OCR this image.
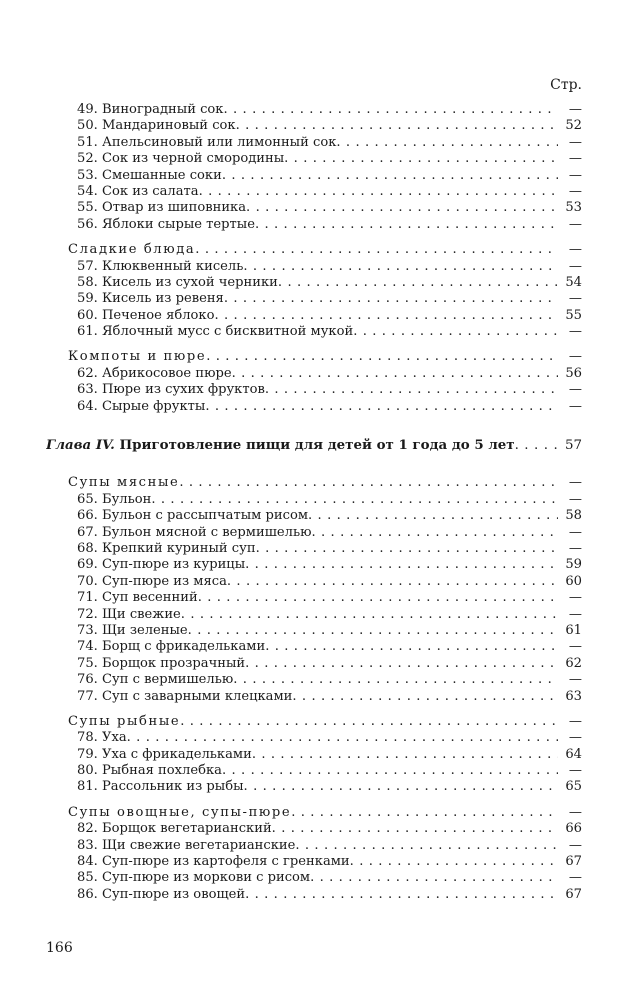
Стр.
49. Виноградный сок . . .	—
50. Мандариновый сок . . .	52
51. Апельсиновый или лимонный сок . . .	—
52. Сок из черной смородины . . .	—
53. Смешанные соки . . .	—
54. Сок из салата . . .	—
55. Отвар из шиповника . . .	53
56. Яблоки сырые тертые . . .	—
Сладкие блюда . . .	—
57. Клюквенный кисель . . .	—
58. Кисель из сухой черники . . .	54
59. Кисель из ревеня . . .	—
60. Печеное яблоко . . .	55
61. Яблочный мусс с бисквитной мукой . . .	—
Компоты и пюре . . .	—
62. Абрикосовое пюре . . .	56
63. Пюре из сухих фруктов . . .	—
64. Сырые фрукты . . .	—
Глава IV. Приготовление пищи для детей от 1 года до 5 лет . . .	57
Супы мясные . . .	—
65. Бульон . . .	—
66. Бульон с рассыпчатым рисом . . .	58
67. Бульон мясной с вермишелью . . .	—
68. Крепкий куриный суп . . .	—
69. Суп-пюре из курицы . . .	59
70. Суп-пюре из мяса . . .	60
71. Суп весенний . . .	—
72. Щи свежие . . .	—
73. Щи зеленые . . .	61
74. Борщ с фрикадельками . . .	—
75. Борщок прозрачный . . .	62
76. Суп с вермишелью . . .	—
77. Суп с заварными клецками . . .	63
Супы рыбные . . .	—
78. Уха . . .	—
79. Уха с фрикадельками . . .	64
80. Рыбная похлебка . . .	—
81. Рассольник из рыбы . . .	65
Супы овощные, супы-пюре . . .	—
82. Борщок вегетарианский . . .	66
83. Щи свежие вегетарианские . . .	—
84. Суп-пюре из картофеля с гренками . . .	67
85. Суп-пюре из моркови с рисом . . .	—
86. Суп-пюре из овощей . . .	67
166
